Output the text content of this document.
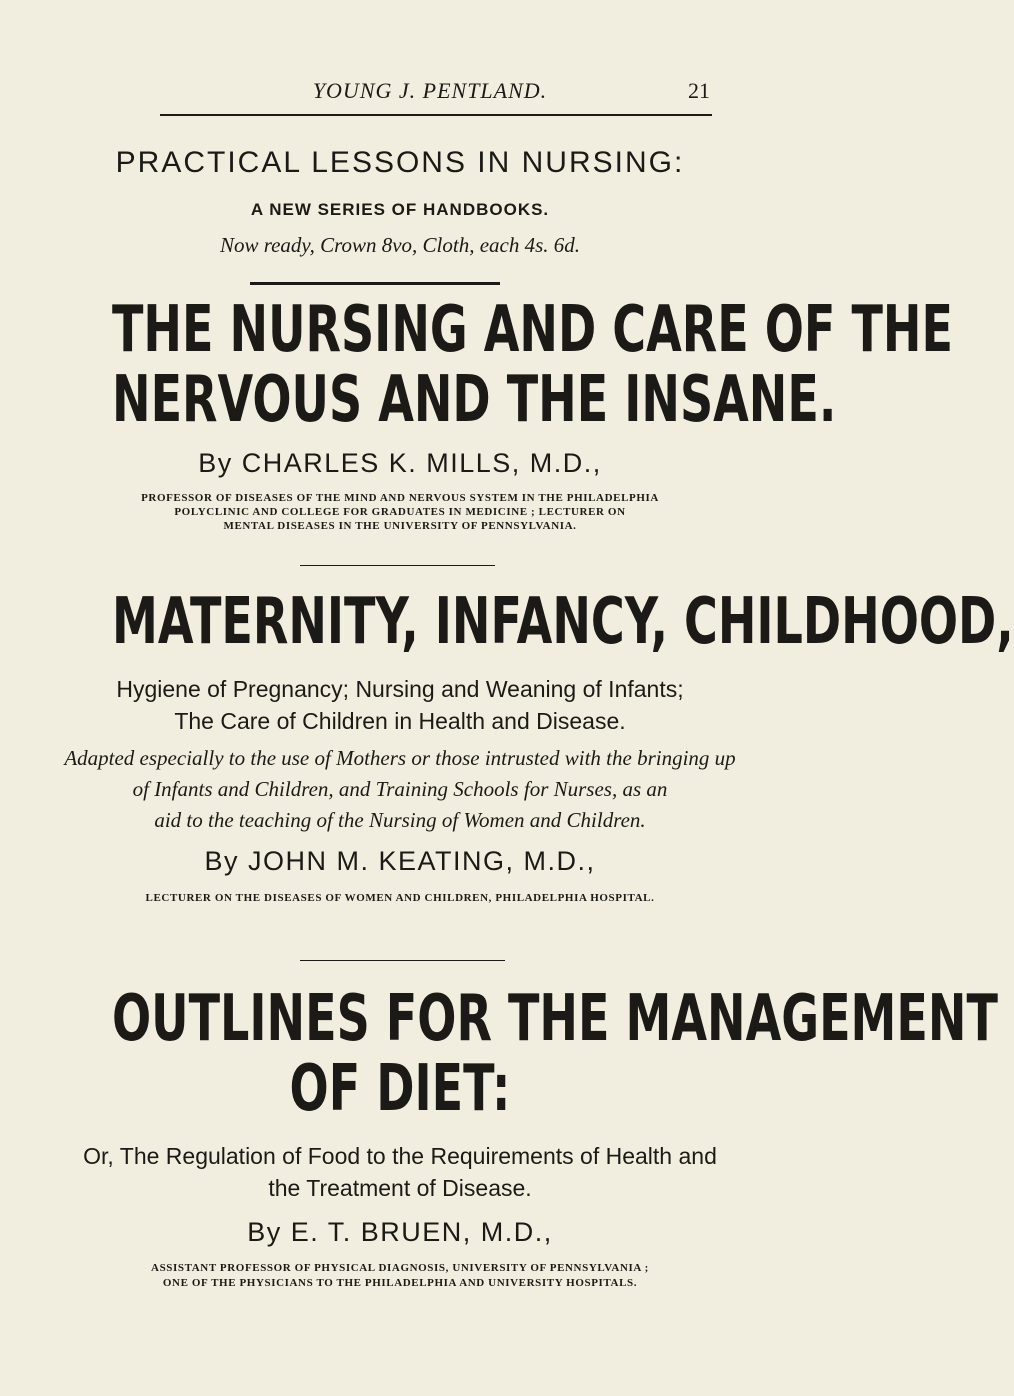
YOUNG J. PENTLAND.	21
PRACTICAL LESSONS IN NURSING:
A NEW SERIES OF HANDBOOKS.
Now ready, Crown 8vo, Cloth, each 4s. 6d.
THE NURSING AND CARE OF THE
NERVOUS AND THE INSANE.
By CHARLES K. MILLS, M.D.,
PROFESSOR OF DISEASES OF THE MIND AND NERVOUS SYSTEM IN THE PHILADELPHIA
POLYCLINIC AND COLLEGE FOR GRADUATES IN MEDICINE ; LECTURER ON
MENTAL DISEASES IN THE UNIVERSITY OF PENNSYLVANIA.
MATERNITY, INFANCY, CHILDHOOD,
Hygiene of Pregnancy; Nursing and Weaning of Infants;
The Care of Children in Health and Disease.
Adapted especially to the use of Mothers or those intrusted with the bringing up
of Infants and Children, and Training Schools for Nurses, as an
aid to the teaching of the Nursing of Women and Children.
By JOHN M. KEATING, M.D.,
LECTURER ON THE DISEASES OF WOMEN AND CHILDREN, PHILADELPHIA HOSPITAL.
OUTLINES FOR THE MANAGEMENT
OF DIET:
Or, The Regulation of Food to the Requirements of Health and
the Treatment of Disease.
By E. T. BRUEN, M.D.,
ASSISTANT PROFESSOR OF PHYSICAL DIAGNOSIS, UNIVERSITY OF PENNSYLVANIA ;
ONE OF THE PHYSICIANS TO THE PHILADELPHIA AND UNIVERSITY HOSPITALS.
